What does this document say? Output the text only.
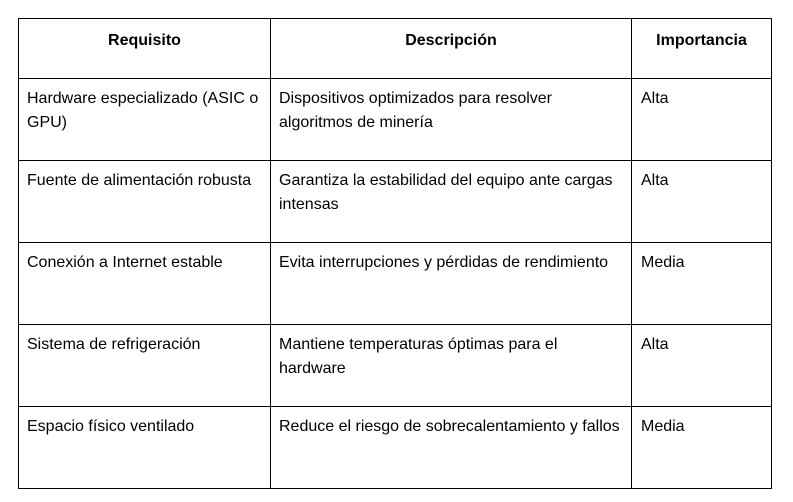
Requisito	Descripción	Importancia
Hardware especializado (ASIC o GPU)	Dispositivos optimizados para resolver algoritmos de minería	Alta
Fuente de alimentación robusta	Garantiza la estabilidad del equipo ante cargas intensas	Alta
Conexión a Internet estable	Evita interrupciones y pérdidas de rendimiento	Media
Sistema de refrigeración	Mantiene temperaturas óptimas para el hardware	Alta
Espacio físico ventilado	Reduce el riesgo de sobrecalentamiento y fallos	Media
